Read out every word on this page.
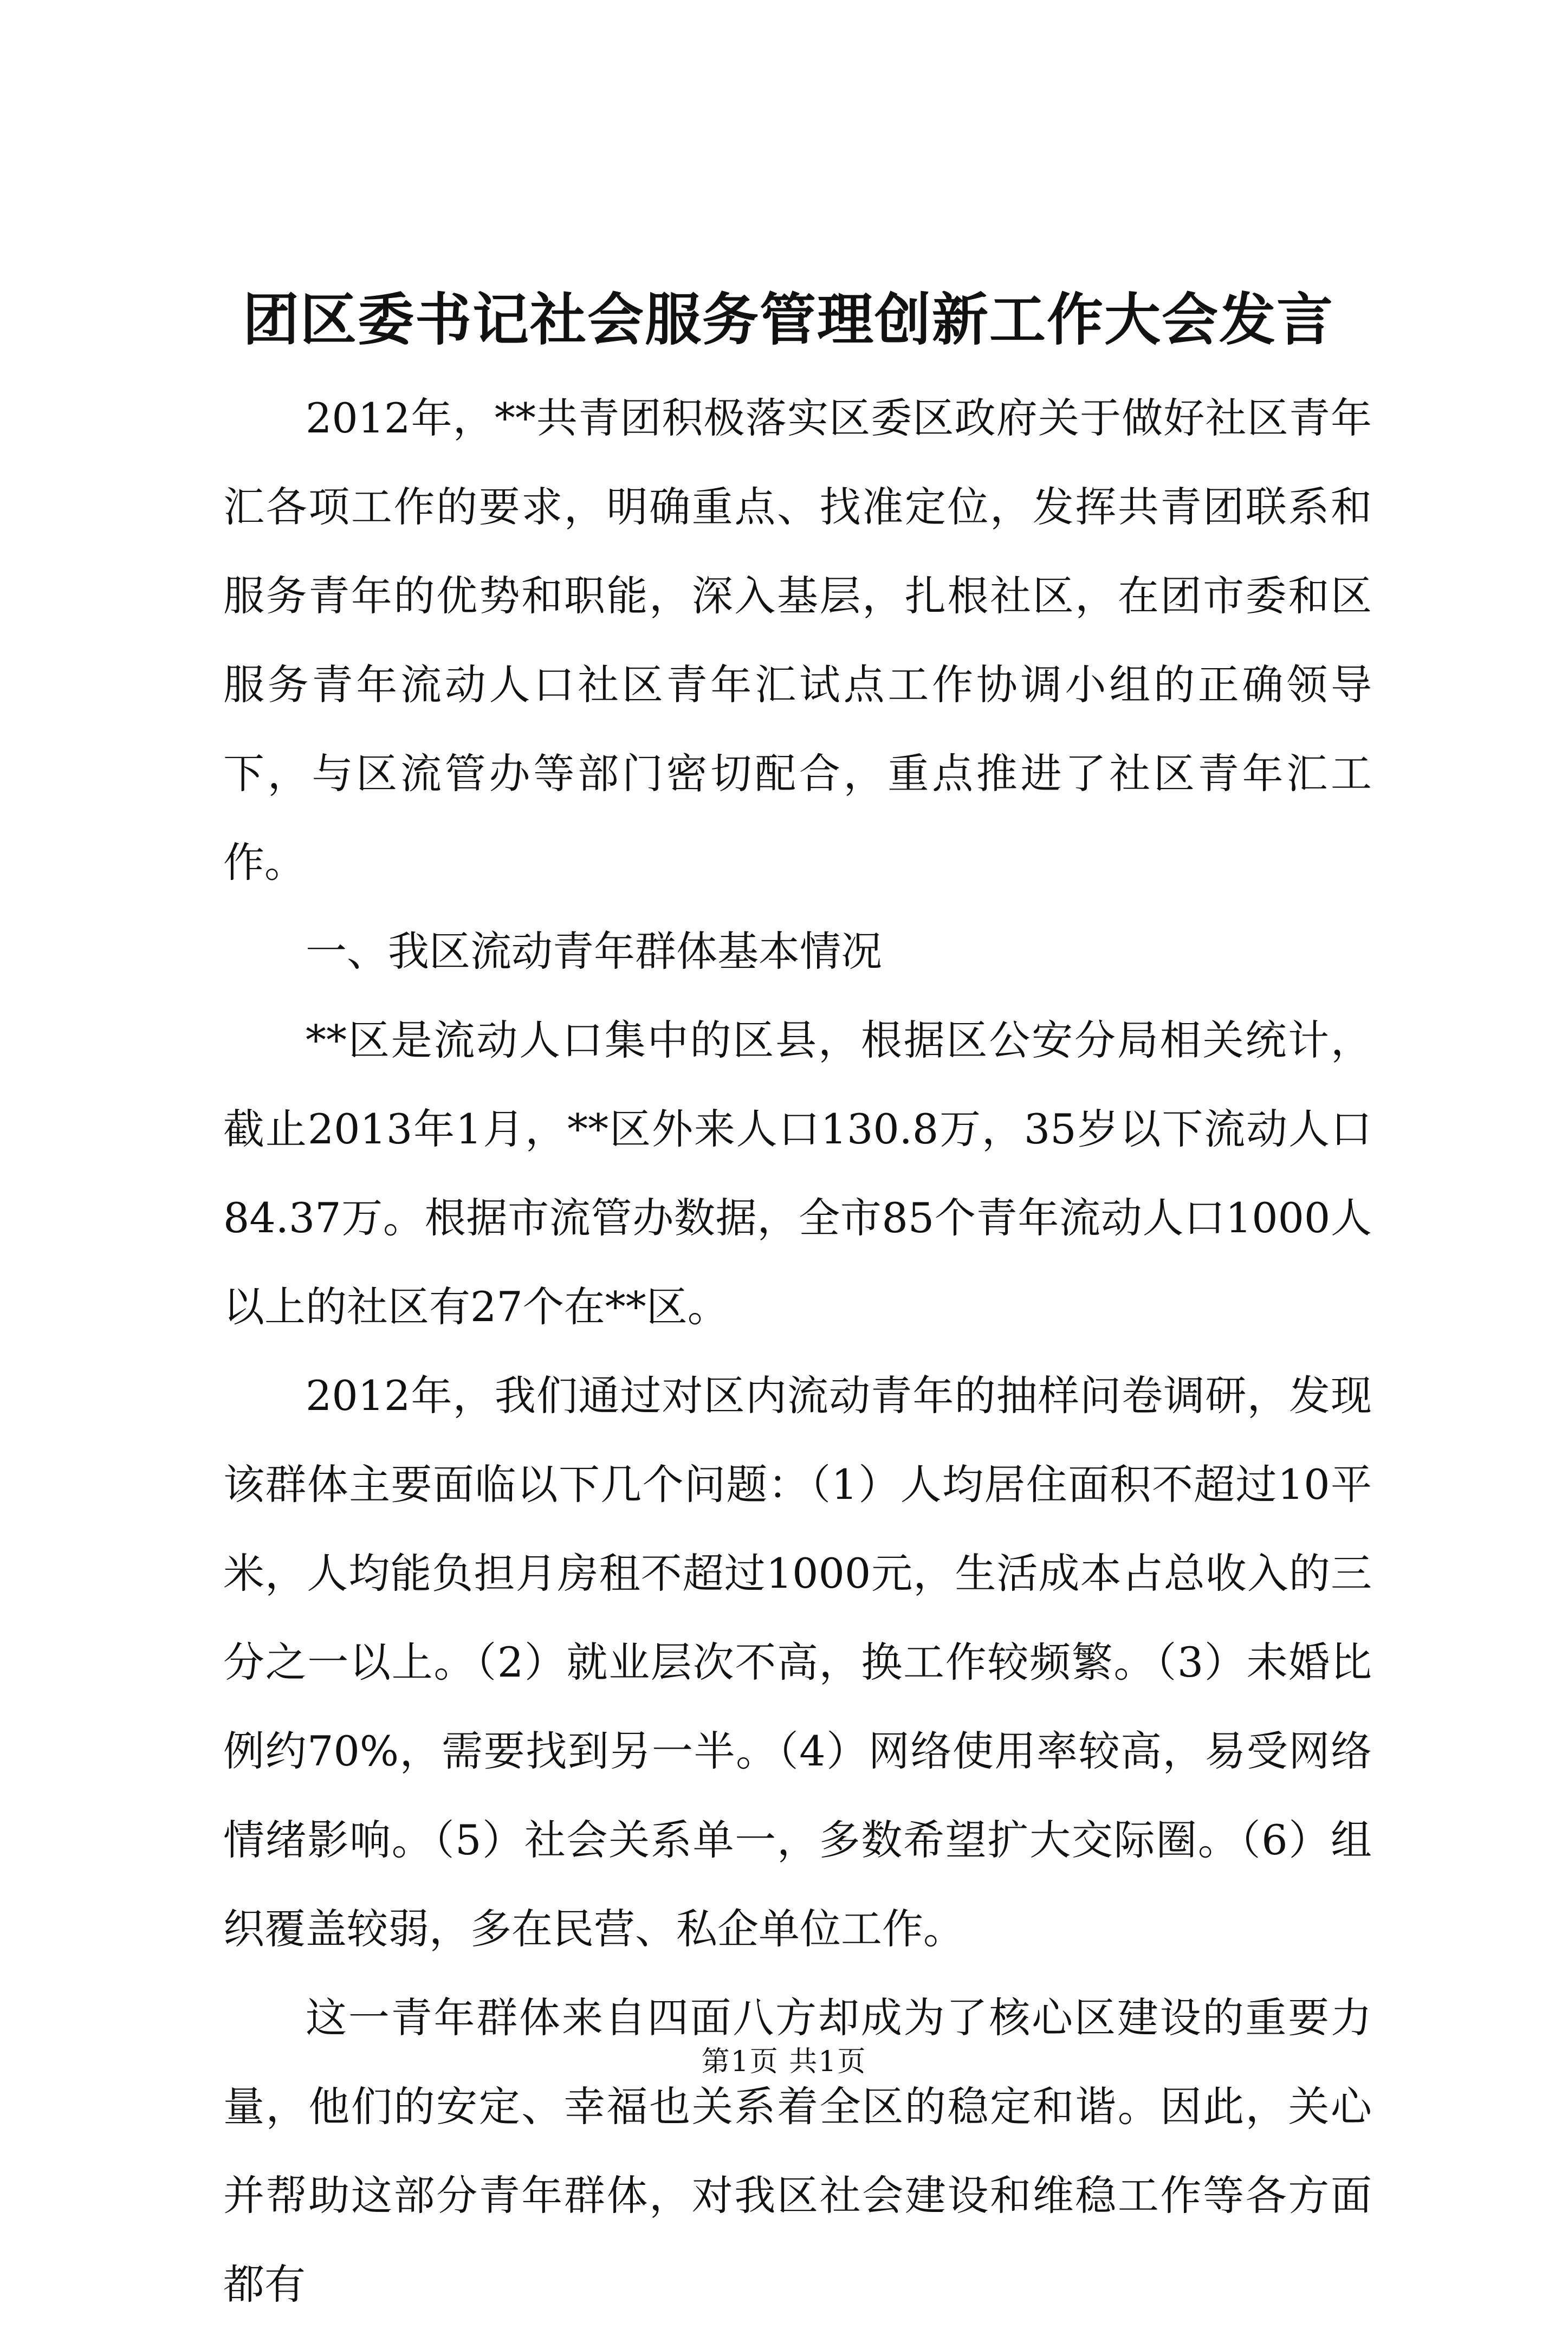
团区委书记社会服务管理创新工作大会发言

2012年，**共青团积极落实区委区政府关于做好社区青年汇各项工作的要求，明确重点、找准定位，发挥共青团联系和服务青年的优势和职能，深入基层，扎根社区，在团市委和区服务青年流动人口社区青年汇试点工作协调小组的正确领导下，与区流管办等部门密切配合，重点推进了社区青年汇工作。

一、我区流动青年群体基本情况

**区是流动人口集中的区县，根据区公安分局相关统计，截止2013年1月，**区外来人口130.8万，35岁以下流动人口84.37万。根据市流管办数据，全市85个青年流动人口1000人以上的社区有27个在**区。

2012年，我们通过对区内流动青年的抽样问卷调研，发现该群体主要面临以下几个问题：（1）人均居住面积不超过10平米，人均能负担月房租不超过1000元，生活成本占总收入的三分之一以上。（2）就业层次不高，换工作较频繁。（3）未婚比例约70%，需要找到另一半。（4）网络使用率较高，易受网络情绪影响。（5）社会关系单一，多数希望扩大交际圈。（6）组织覆盖较弱，多在民营、私企单位工作。

这一青年群体来自四面八方却成为了核心区建设的重要力量，他们的安定、幸福也关系着全区的稳定和谐。因此，关心并帮助这部分青年群体，对我区社会建设和维稳工作等各方面都有

第1页 共1页
